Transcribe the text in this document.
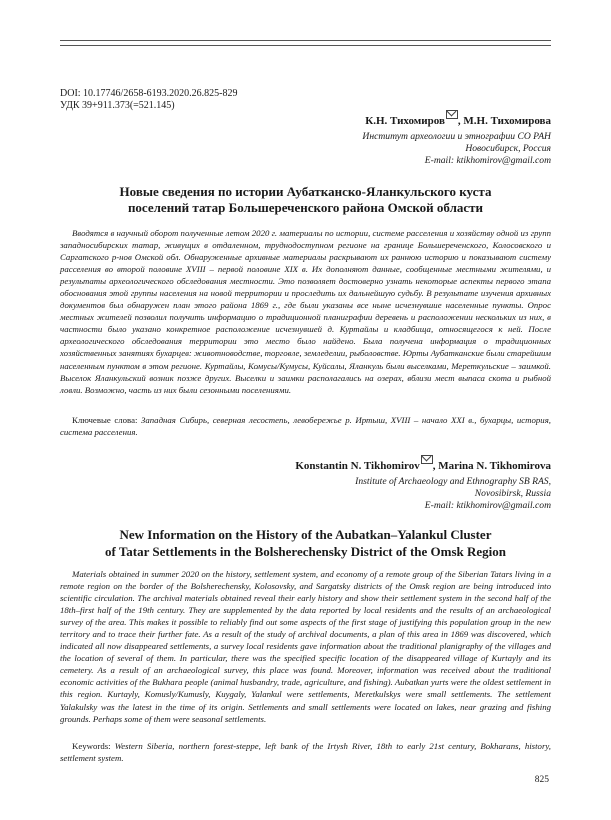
DOI: 10.17746/2658-6193.2020.26.825-829
УДК 39+911.373(=521.145)
К.Н. Тихомиров , М.Н. Тихомирова
Институт археологии и этнографии СО РАН
Новосибирск, Россия
E-mail: ktikhomirov@gmail.com
Новые сведения по истории Аубатканско-Яланкульского куста
поселений татар Большереченского района Омской области
Вводятся в научный оборот полученные летом 2020 г. материалы по истории, системе расселения и хозяйству одной из групп западносибирских татар, живущих в отдаленном, труднодоступном регионе на границе Большереченского, Колосовского и Саргатского р-нов Омской обл. Обнаруженные архивные материалы раскрывают их раннюю историю и показывают систему расселения во второй половине XVIII – первой половине XIX в. Их дополняют данные, сообщенные местными жителями, и результаты археологического обследования местности. Это позволяет достоверно узнать некоторые аспекты первого этапа обоснования этой группы населения на новой территории и проследить их дальнейшую судьбу. В результате изучения архивных документов был обнаружен план этого района 1869 г., где были указаны все ныне исчезнувшие населенные пункты. Опрос местных жителей позволил получить информацию о традиционной планиграфии деревень и расположении нескольких из них, в частности было указано конкретное расположение исчезнувшей д. Куртайлы и кладбища, относящегося к ней. После археологического обследования территории это место было найдено. Была получена информация о традиционных хозяйственных занятиях бухарцев: животноводстве, торговле, земледелии, рыболовстве. Юрты Аубатканские были старейшим населенным пунктом в этом регионе. Куртайлы, Комусы/Кумусы, Куйсалы, Яланкуль были выселками, Мереткульские – заимкой. Выселок Яланкульский возник позже других. Выселки и заимки располагались на озерах, вблизи мест выпаса скота и рыбной ловли. Возможно, часть из них были сезонными поселениями.
Ключевые слова: Западная Сибирь, северная лесостепь, левобережье р. Иртыш, XVIII – начало XXI в., бухарцы, история, система расселения.
Konstantin N. Tikhomirov , Marina N. Tikhomirova
Institute of Archaeology and Ethnography SB RAS,
Novosibirsk, Russia
E-mail: ktikhomirov@gmail.com
New Information on the History of the Aubatkan–Yalankul Cluster
of Tatar Settlements in the Bolsherechensky District of the Omsk Region
Materials obtained in summer 2020 on the history, settlement system, and economy of a remote group of the Siberian Tatars living in a remote region on the border of the Bolsherechensky, Kolosovsky, and Sargatsky districts of the Omsk region are being introduced into scientific circulation. The archival materials obtained reveal their early history and show their settlement system in the second half of the 18th–first half of the 19th century. They are supplemented by the data reported by local residents and the results of an archaeological survey of the area. This makes it possible to reliably find out some aspects of the first stage of justifying this population group in the new territory and to trace their further fate. As a result of the study of archival documents, a plan of this area in 1869 was discovered, which indicated all now disappeared settlements, a survey local residents gave information about the traditional planigraphy of the villages and the location of several of them. In particular, there was the specified specific location of the disappeared village of Kurtayly and its cemetery. As a result of an archaeological survey, this place was found. Moreover, information was received about the traditional economic activities of the Bukhara people (animal husbandry, trade, agriculture, and fishing). Aubatkan yurts were the oldest settlement in this region. Kurtayly, Komusly/Kumusly, Kuygaly, Yalankul were settlements, Meretkulskys were small settlements. The settlement Yalakulsky was the latest in the time of its origin. Settlements and small settlements were located on lakes, near grazing and fishing grounds. Perhaps some of them were seasonal settlements.
Keywords: Western Siberia, northern forest-steppe, left bank of the Irtysh River, 18th to early 21st century, Bokharans, history, settlement system.
825
